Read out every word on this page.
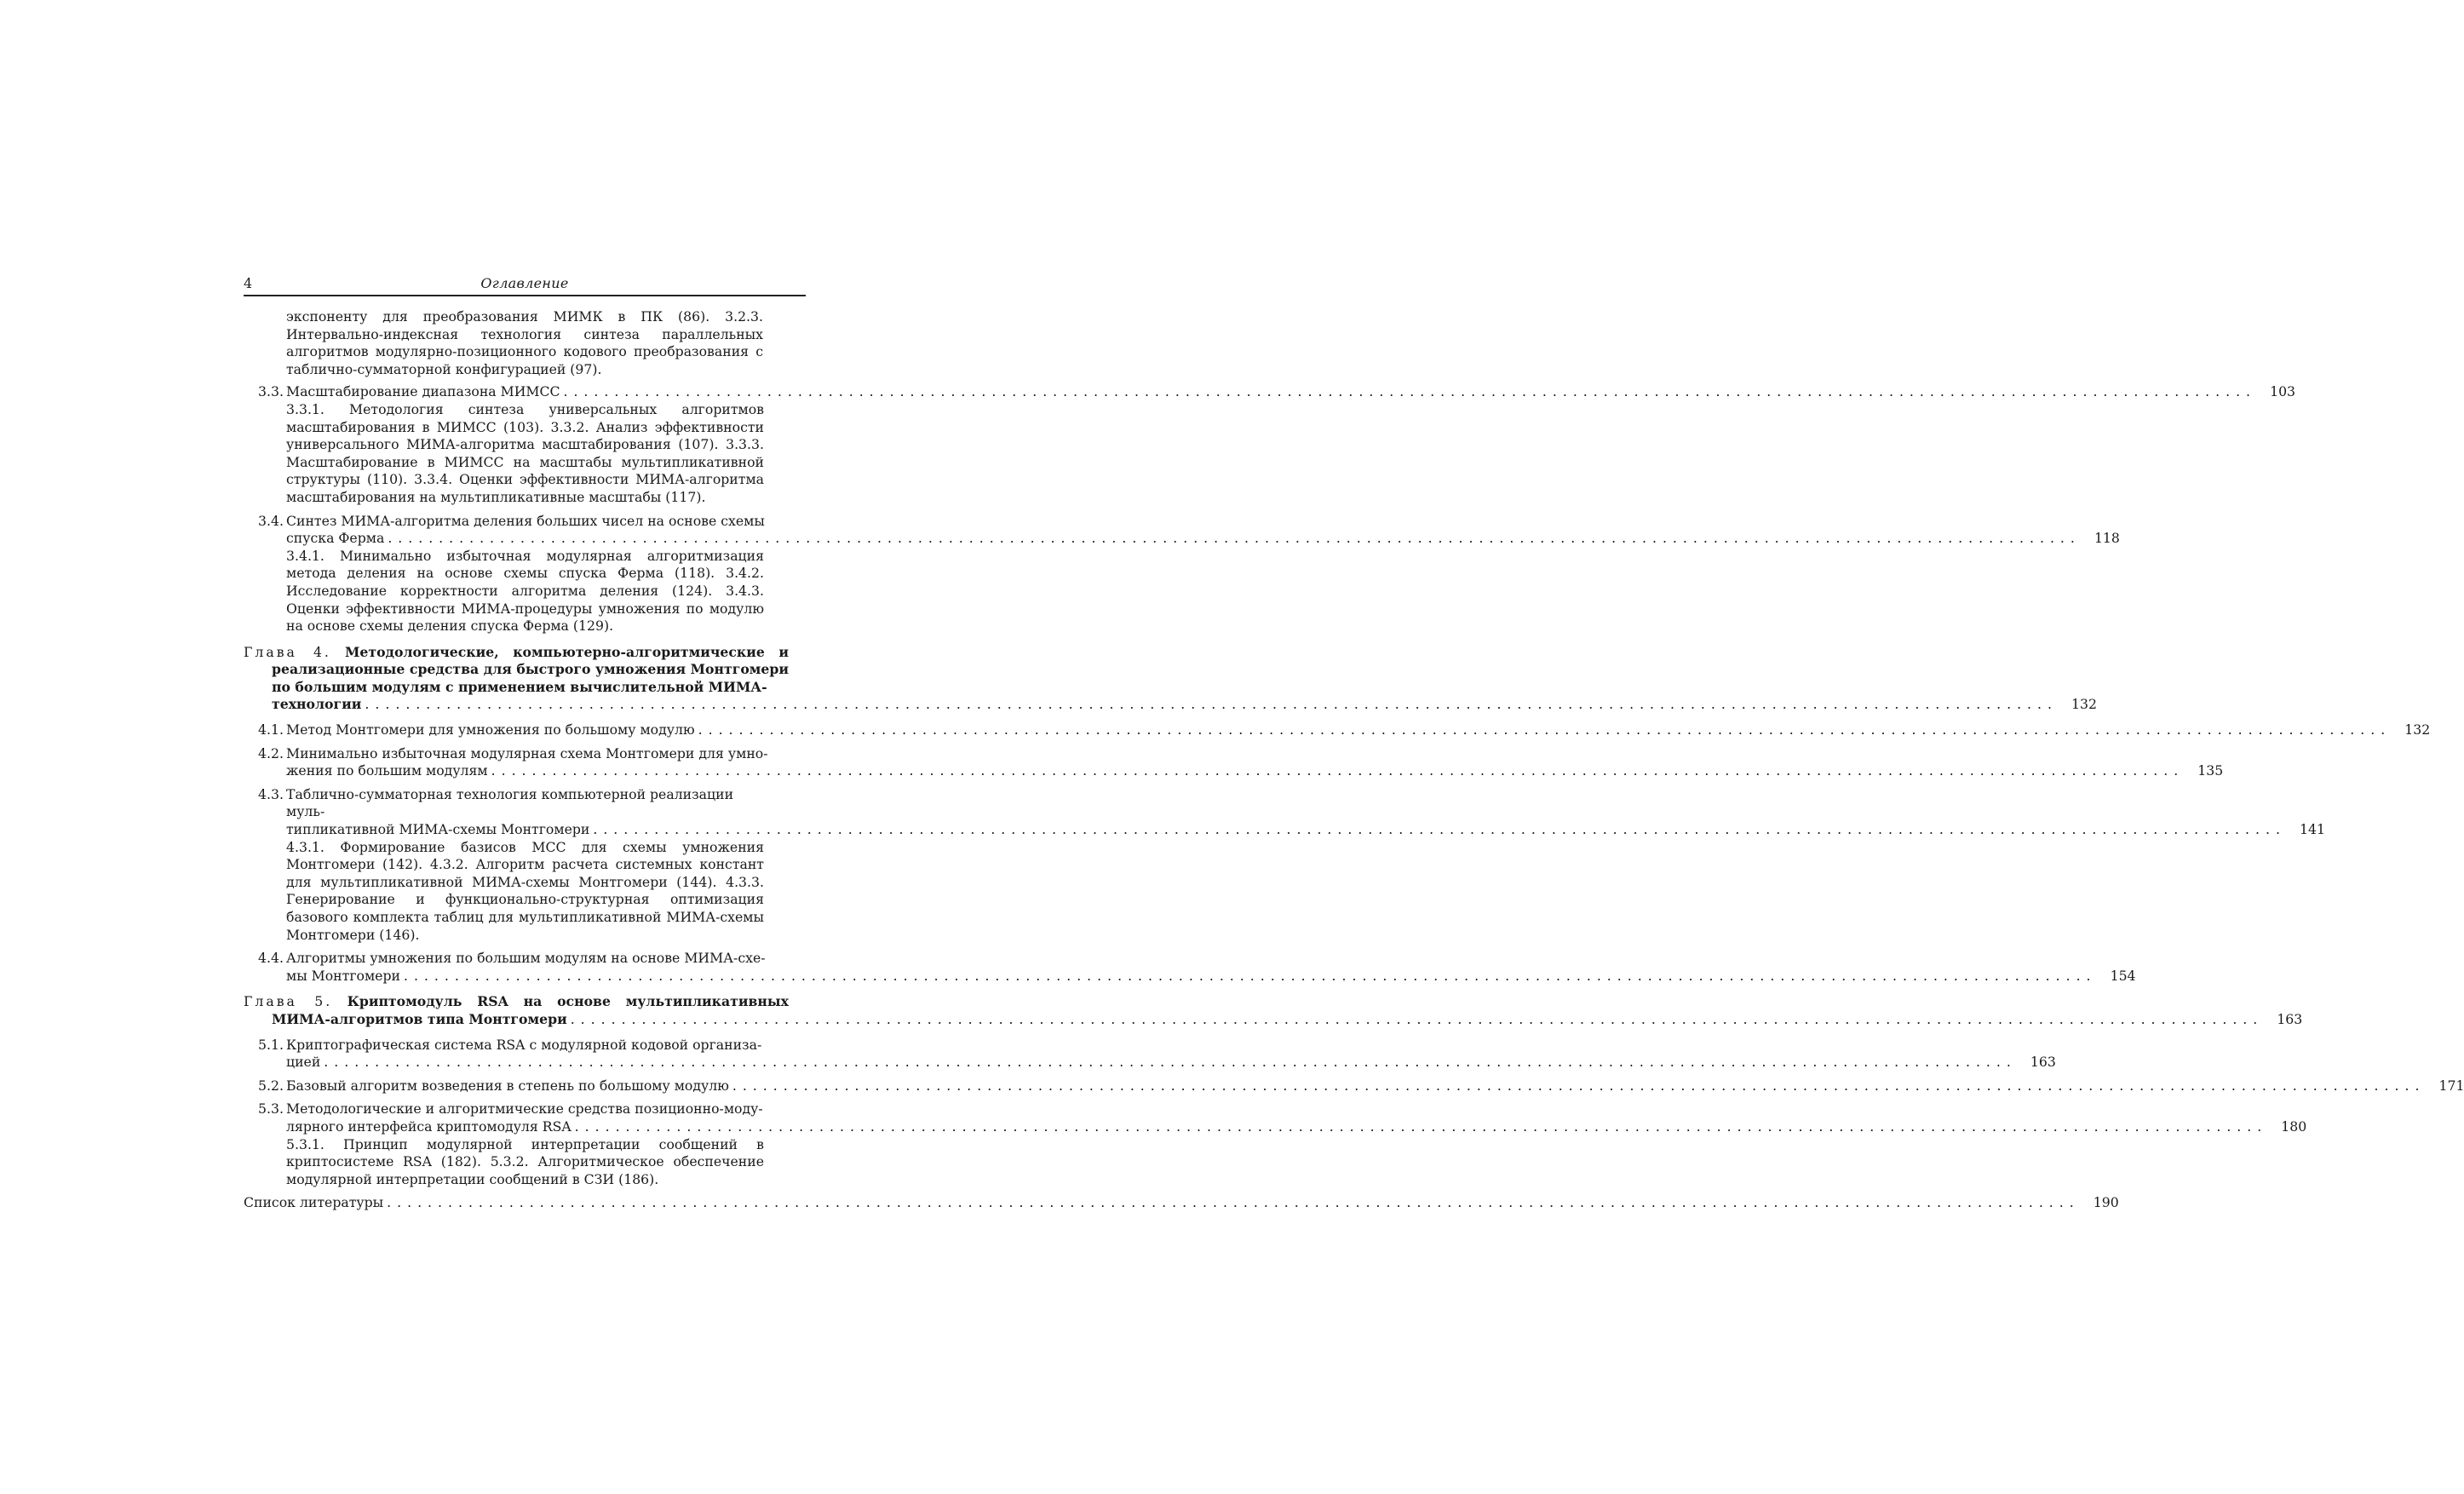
4	Оглавление
экспоненту для преобразования МИМК в ПК (86). 3.2.3. Интервально-индексная технология синтеза параллельных алгоритмов модулярно-позиционного кодового преобразования с таблично-сумматорной конфигурацией (97).
3.3. Масштабирование диапазона МИМСС . . .	103
3.3.1. Методология синтеза универсальных алгоритмов масштабирования в МИМСС (103). 3.3.2. Анализ эффективности универсального МИМА-алгоритма масштабирования (107). 3.3.3. Масштабирование в МИМСС на масштабы мультипликативной структуры (110). 3.3.4. Оценки эффективности МИМА-алгоритма масштабирования на мультипликативные масштабы (117).
3.4. Синтез МИМА-алгоритма деления больших чисел на основе схемы
спуска Ферма . . .	118
3.4.1. Минимально избыточная модулярная алгоритмизация метода деления на основе схемы спуска Ферма (118). 3.4.2. Исследование корректности алгоритма деления (124). 3.4.3. Оценки эффективности МИМА-процедуры умножения по модулю на основе схемы деления спуска Ферма (129).
Глава 4. Методологические, компьютерно-алгоритмические и реализационные средства для быстрого умножения Монтгомери по большим модулям с применением вычислительной МИМА-
технологии . . .	132
4.1. Метод Монтгомери для умножения по большому модулю . . .	132
4.2. Минимально избыточная модулярная схема Монтгомери для умно-
жения по большим модулям . . .	135
4.3. Таблично-сумматорная технология компьютерной реализации муль-
типликативной МИМА-схемы Монтгомери . . .	141
4.3.1. Формирование базисов МСС для схемы умножения Монтгомери (142). 4.3.2. Алгоритм расчета системных констант для мультипликативной МИМА-схемы Монтгомери (144). 4.3.3. Генерирование и функционально-структурная оптимизация базового комплекта таблиц для мультипликативной МИМА-схемы Монтгомери (146).
4.4. Алгоритмы умножения по большим модулям на основе МИМА-схе-
мы Монтгомери . . .	154
Глава 5. Криптомодуль RSA на основе мультипликативных
МИМА-алгоритмов типа Монтгомери . . .	163
5.1. Криптографическая система RSA с модулярной кодовой организа-
цией . . .	163
5.2. Базовый алгоритм возведения в степень по большому модулю . . .	171
5.3. Методологические и алгоритмические средства позиционно-моду-
лярного интерфейса криптомодуля RSA . . .	180
5.3.1. Принцип модулярной интерпретации сообщений в криптосистеме RSA (182). 5.3.2. Алгоритмическое обеспечение модулярной интерпретации сообщений в СЗИ (186).
Список литературы . . .	190
